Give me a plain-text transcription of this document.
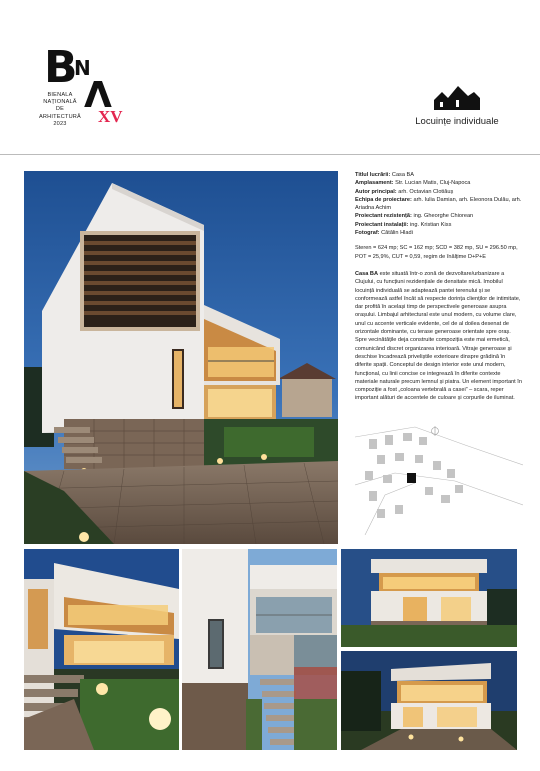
B
N
V
BIENALA
NAȚIONALĂ
DE
ARHITECTURĂ
2023	XV	Locuințe individuale
Titlul lucrării: Casa BA
Amplasament: Str. Lucian Matis, Cluj-Napoca
Autor principal: arh. Octavian Clotiăuș
Echipa de proiectare: arh. Iulia Damian, arh. Eleonora Dulău, arh. Ariadna Achim
Proiectant rezistență: ing. Gheorghe Chiorean
Proiectant instalații: ing. Kristian Kiss
Fotograf: Cătălin Hladi
Steren = 624 mp; SC = 162 mp; SCD = 382 mp, SU = 296.50 mp, POT = 25,9%, CUT = 0,59, regim de înălțime D+P+E
Casa BA este situată într-o zonă de dezvoltare/urbanizare a Clujului, cu funcțiuni rezidențiale de densitate mică. Imobilul locuință individuală se adaptează pantei terenului și se conformează astfel încât să respecte dorința clienților de intimitate, dar profită în același timp de perspectivele generoase asupra orașului. Limbajul arhitectural este unul modern, cu volume clare, unul cu accente verticale evidente, cel de al doilea desenat de orizontale dominante, cu terase generoase orientate spre oraș. Spre vecinătățile deja construite compoziția este mai ermetică, comunicând discret organizarea interioară. Vitraje generoase și deschise încadrează priveliștile exterioare dinspre grădină în diferite spații. Conceptul de design interior este unul modern, funcțional, cu linii concise ce integrează în diferite contexte materiale naturale precum lemnul și piatra. Un element important în compoziție a fost „coloana vertebrală a casei” – scara, reper important alături de accentele de culoare și corpurile de iluminat.
